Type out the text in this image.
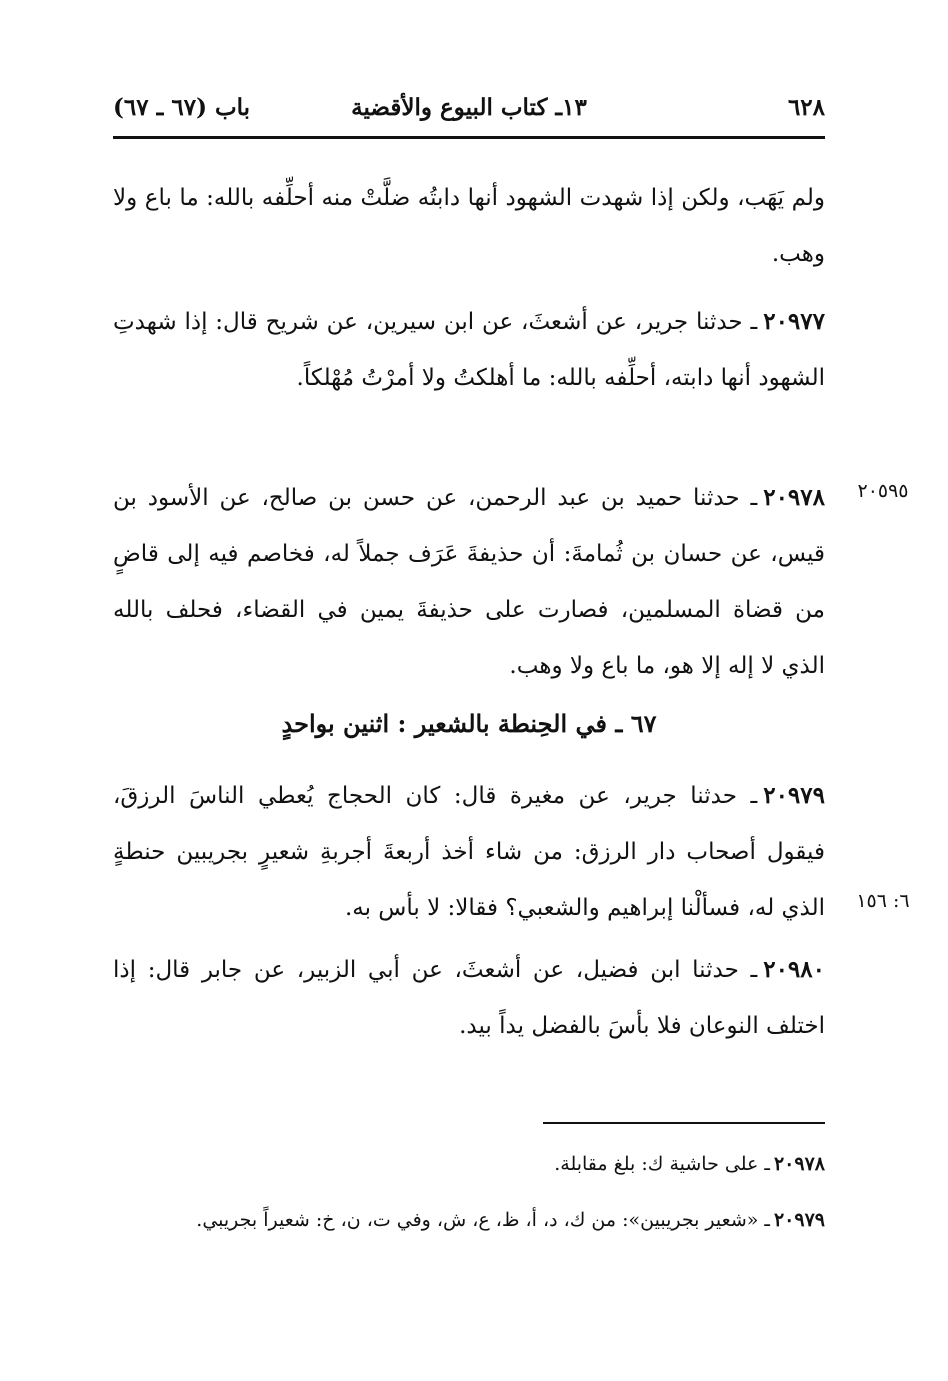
٦٢٨
١٣ـ كتاب البيوع والأقضية
باب (٦٧ ـ ٦٧)

ولم يَهَب، ولكن إذا شهدت الشهود أنها دابتُه ضلَّتْ منه أحلِّفه بالله: ما باع ولا وهب.

٢٠٩٧٧ـ حدثنا جرير، عن أشعثَ، عن ابن سيرين، عن شريح قال: إذا شهدتِ الشهود أنها دابته، أحلِّفه بالله: ما أهلكتُ ولا أمرْتُ مُهْلكاً.

٢٠٩٧٨ـ حدثنا حميد بن عبد الرحمن، عن حسن بن صالح، عن الأسود بن قيس، عن حسان بن ثُمامةَ: أن حذيفةَ عَرَف جملاً له، فخاصم فيه إلى قاضٍ من قضاة المسلمين، فصارت على حذيفةَ يمين في القضاء، فحلف بالله الذي لا إله إلا هو، ما باع ولا وهب.

٢٠٥٩٥
٦٧ ـ في الحِنطة بالشعير : اثنين بواحدٍ

٢٠٩٧٩ـ حدثنا جرير، عن مغيرة قال: كان الحجاج يُعطي الناسَ الرزقَ، فيقول أصحاب دار الرزق: من شاء أخذ أربعةَ أجربةِ شعيرٍ بجريبين حنطةٍ الذي له، فسألْنا إبراهيم والشعبي؟ فقالا: لا بأس به.	٦: ١٥٦

٢٠٩٨٠ـ حدثنا ابن فضيل، عن أشعثَ، عن أبي الزبير، عن جابر قال: إذا اختلف النوعان فلا بأسَ بالفضل يداً بيد.

٢٠٩٧٨ـ على حاشية ك: بلغ مقابلة.

٢٠٩٧٩ـ «شعير بجريبين»: من ك، د، أ، ظ، ع، ش، وفي ت، ن، خ: شعيراً بجريبي.
